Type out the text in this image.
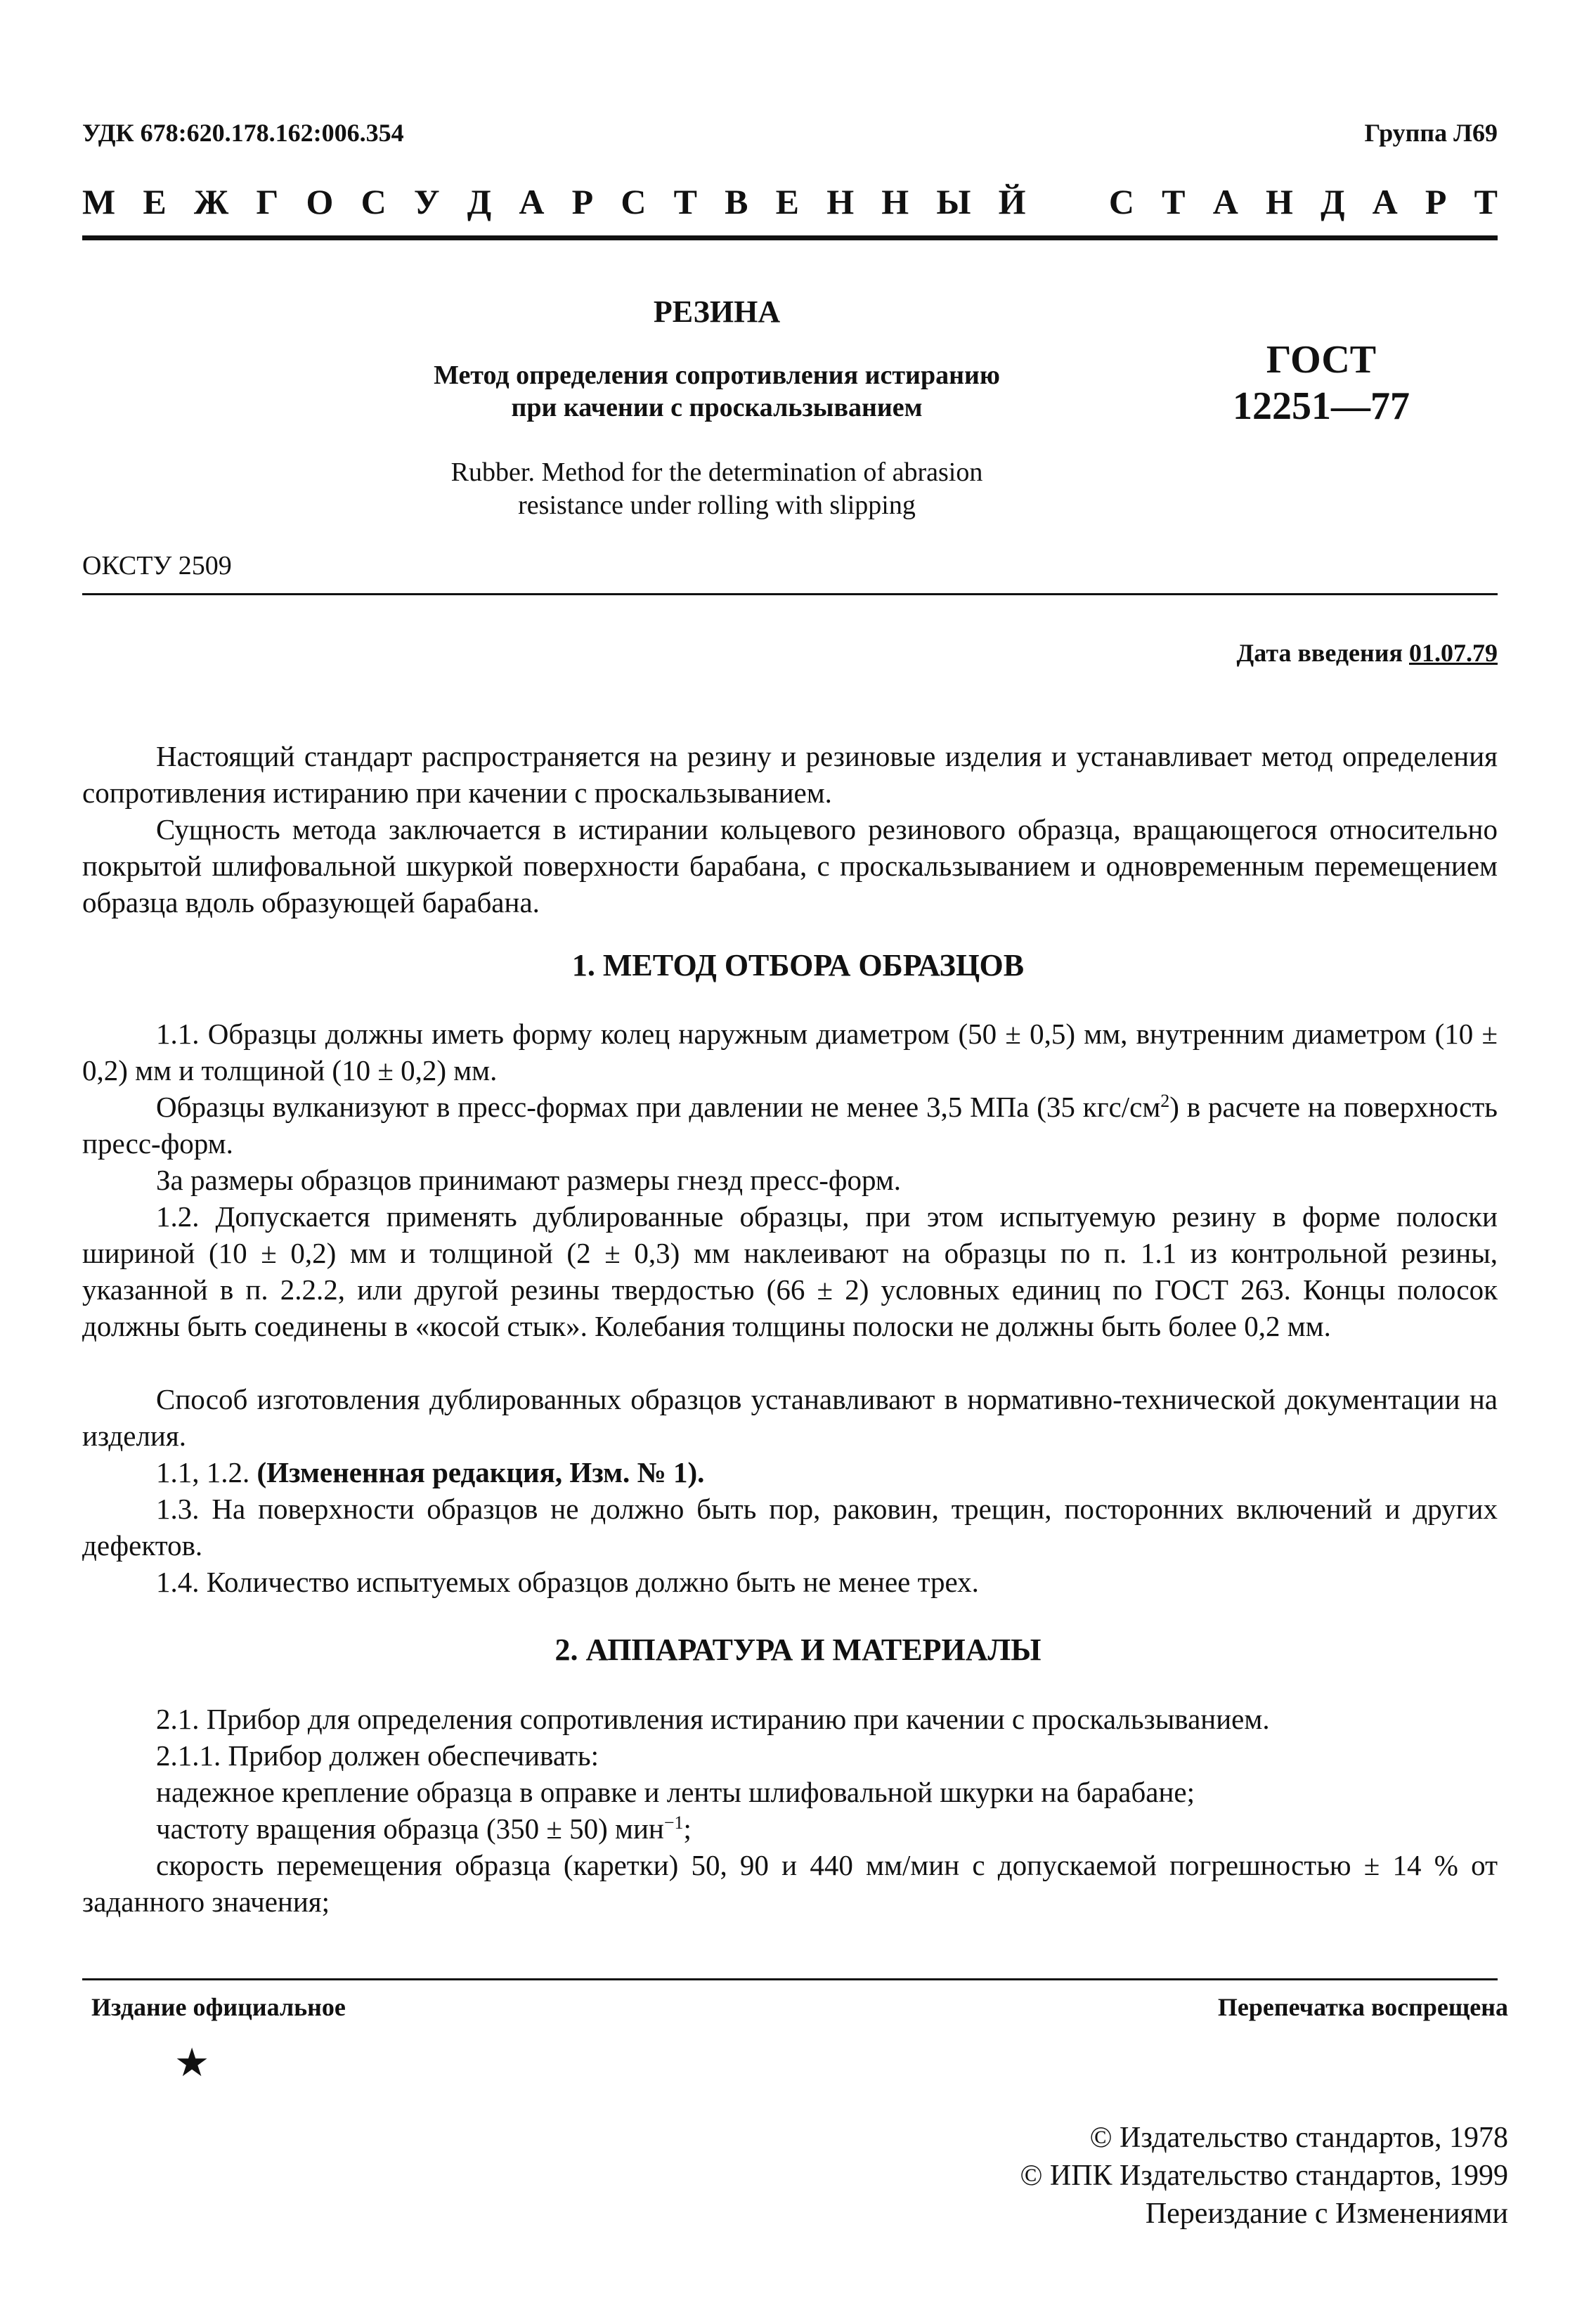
УДК 678:620.178.162:006.354	Группа Л69
М Е Ж Г О С У Д А Р С Т В Е Н Н Ы Й С Т А Н Д А Р Т
РЕЗИНА
Метод определения сопротивления истиранию
при качении с проскальзыванием
Rubber. Method for the determination of abrasion
resistance under rolling with slipping
ГОСТ
12251—77
ОКСТУ 2509
Дата введения 01.07.79
Настоящий стандарт распространяется на резину и резиновые изделия и устанавливает метод определения сопротивления истиранию при качении с проскальзыванием.
Сущность метода заключается в истирании кольцевого резинового образца, вращающегося относительно покрытой шлифовальной шкуркой поверхности барабана, с проскальзыванием и одновременным перемещением образца вдоль образующей барабана.
1. МЕТОД ОТБОРА ОБРАЗЦОВ
1.1. Образцы должны иметь форму колец наружным диаметром (50 ± 0,5) мм, внутренним диаметром (10 ± 0,2) мм и толщиной (10 ± 0,2) мм.
Образцы вулканизуют в пресс-формах при давлении не менее 3,5 МПа (35 кгс/$см^2$) в расчете на поверхность пресс-форм.
За размеры образцов принимают размеры гнезд пресс-форм.
1.2. Допускается применять дублированные образцы, при этом испытуемую резину в форме полоски шириной (10 ± 0,2) мм и толщиной (2 ± 0,3) мм наклеивают на образцы по п. 1.1 из контрольной резины, указанной в п. 2.2.2, или другой резины твердостью (66 ± 2) условных единиц по ГОСТ 263. Концы полосок должны быть соединены в «косой стык». Колебания толщины полоски не должны быть более 0,2 мм.
Способ изготовления дублированных образцов устанавливают в нормативно-технической документации на изделия.
1.1, 1.2. (Измененная редакция, Изм. № 1).
1.3. На поверхности образцов не должно быть пор, раковин, трещин, посторонних включений и других дефектов.
1.4. Количество испытуемых образцов должно быть не менее трех.
2. АППАРАТУРА И МАТЕРИАЛЫ
2.1. Прибор для определения сопротивления истиранию при качении с проскальзыванием.
2.1.1. Прибор должен обеспечивать:
надежное крепление образца в оправке и ленты шлифовальной шкурки на барабане;
частоту вращения образца (350 ± 50) мин$^{-1}$;
скорость перемещения образца (каретки) 50, 90 и 440 мм/мин с допускаемой погрешностью ± 14 % от заданного значения;
Издание официальное	Перепечатка воспрещена
★
© Издательство стандартов, 1978
© ИПК Издательство стандартов, 1999
Переиздание с Изменениями
